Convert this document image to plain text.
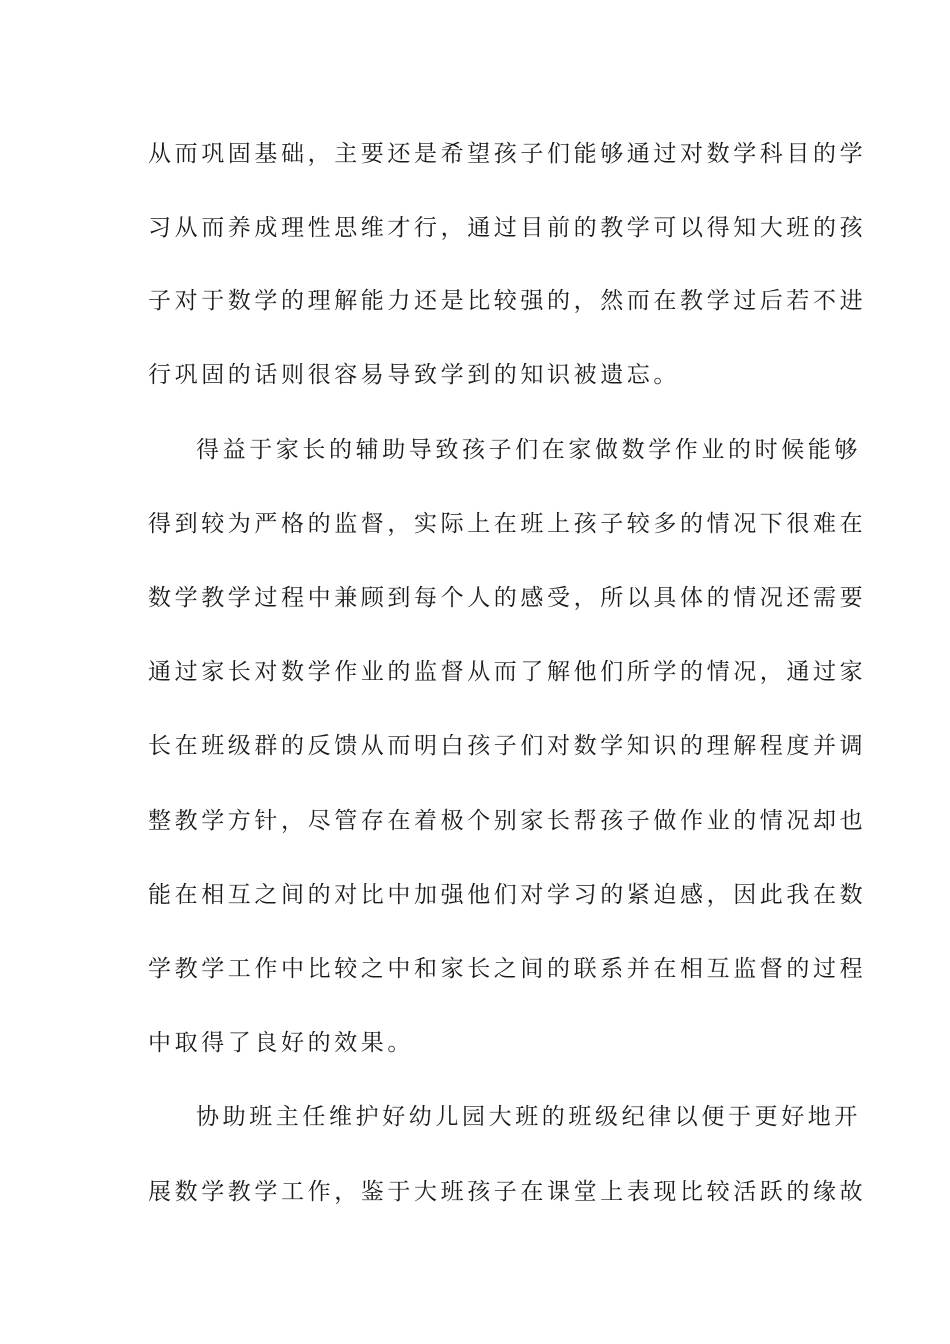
从而巩固基础，主要还是希望孩子们能够通过对数学科目的学
习从而养成理性思维才行，通过目前的教学可以得知大班的孩
子对于数学的理解能力还是比较强的，然而在教学过后若不进
行巩固的话则很容易导致学到的知识被遗忘。
得益于家长的辅助导致孩子们在家做数学作业的时候能够
得到较为严格的监督，实际上在班上孩子较多的情况下很难在
数学教学过程中兼顾到每个人的感受，所以具体的情况还需要
通过家长对数学作业的监督从而了解他们所学的情况，通过家
长在班级群的反馈从而明白孩子们对数学知识的理解程度并调
整教学方针，尽管存在着极个别家长帮孩子做作业的情况却也
能在相互之间的对比中加强他们对学习的紧迫感，因此我在数
学教学工作中比较之中和家长之间的联系并在相互监督的过程
中取得了良好的效果。
协助班主任维护好幼儿园大班的班级纪律以便于更好地开
展数学教学工作，鉴于大班孩子在课堂上表现比较活跃的缘故
